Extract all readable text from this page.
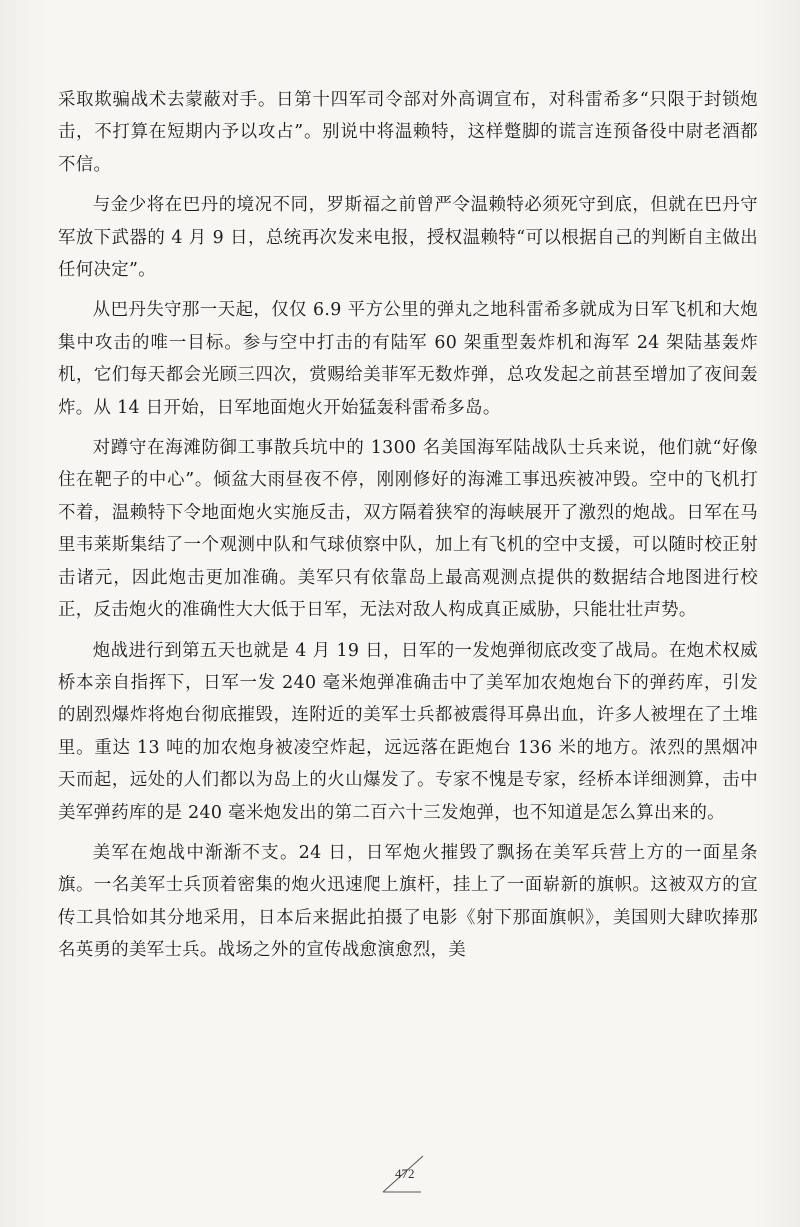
采取欺骗战术去蒙蔽对手。日第十四军司令部对外高调宣布，对科雷希多“只限于封锁炮击，不打算在短期内予以攻占”。别说中将温赖特，这样蹩脚的谎言连预备役中尉老酒都不信。

与金少将在巴丹的境况不同，罗斯福之前曾严令温赖特必须死守到底，但就在巴丹守军放下武器的 4 月 9 日，总统再次发来电报，授权温赖特“可以根据自己的判断自主做出任何决定”。

从巴丹失守那一天起，仅仅 6.9 平方公里的弹丸之地科雷希多就成为日军飞机和大炮集中攻击的唯一目标。参与空中打击的有陆军 60 架重型轰炸机和海军 24 架陆基轰炸机，它们每天都会光顾三四次，赏赐给美菲军无数炸弹，总攻发起之前甚至增加了夜间轰炸。从 14 日开始，日军地面炮火开始猛轰科雷希多岛。

对蹲守在海滩防御工事散兵坑中的 1300 名美国海军陆战队士兵来说，他们就“好像住在靶子的中心”。倾盆大雨昼夜不停，刚刚修好的海滩工事迅疾被冲毁。空中的飞机打不着，温赖特下令地面炮火实施反击，双方隔着狭窄的海峡展开了激烈的炮战。日军在马里韦莱斯集结了一个观测中队和气球侦察中队，加上有飞机的空中支援，可以随时校正射击诸元，因此炮击更加准确。美军只有依靠岛上最高观测点提供的数据结合地图进行校正，反击炮火的准确性大大低于日军，无法对敌人构成真正威胁，只能壮壮声势。

炮战进行到第五天也就是 4 月 19 日，日军的一发炮弹彻底改变了战局。在炮术权威桥本亲自指挥下，日军一发 240 毫米炮弹准确击中了美军加农炮炮台下的弹药库，引发的剧烈爆炸将炮台彻底摧毁，连附近的美军士兵都被震得耳鼻出血，许多人被埋在了土堆里。重达 13 吨的加农炮身被凌空炸起，远远落在距炮台 136 米的地方。浓烈的黑烟冲天而起，远处的人们都以为岛上的火山爆发了。专家不愧是专家，经桥本详细测算，击中美军弹药库的是 240 毫米炮发出的第二百六十三发炮弹，也不知道是怎么算出来的。

美军在炮战中渐渐不支。24 日，日军炮火摧毁了飘扬在美军兵营上方的一面星条旗。一名美军士兵顶着密集的炮火迅速爬上旗杆，挂上了一面崭新的旗帜。这被双方的宣传工具恰如其分地采用，日本后来据此拍摄了电影《射下那面旗帜》，美国则大肆吹捧那名英勇的美军士兵。战场之外的宣传战愈演愈烈，美

472
